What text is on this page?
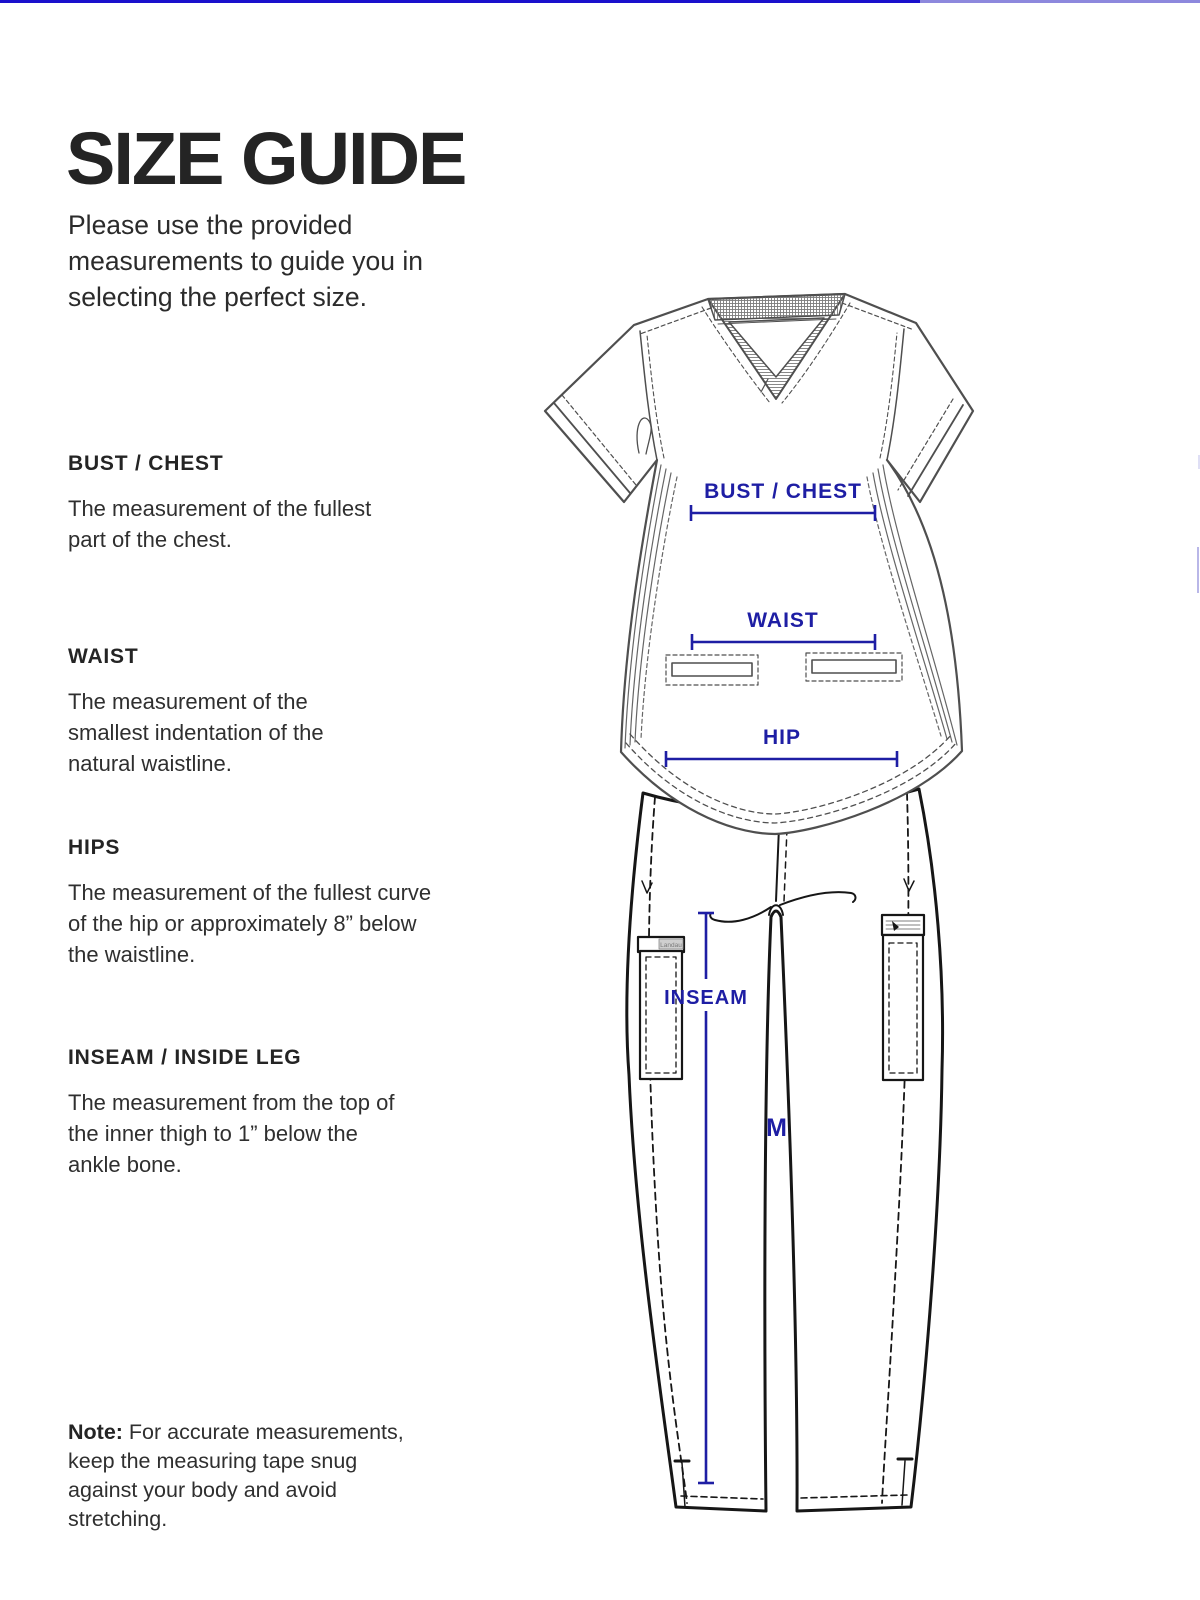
SIZE GUIDE

Please use the provided measurements to guide you in selecting the perfect size.

BUST / CHEST

The measurement of the fullest part of the chest.

WAIST

The measurement of the smallest indentation of the natural waistline.

HIPS

The measurement of the fullest curve of the hip or approximately 8” below the waistline.

INSEAM / INSIDE LEG

The measurement from the top of the inner thigh to 1” below the ankle bone.

Note: For accurate measurements, keep the measuring tape snug against your body and avoid stretching.

Landau
BUST / CHEST
WAIST
HIP
INSEAM
M
